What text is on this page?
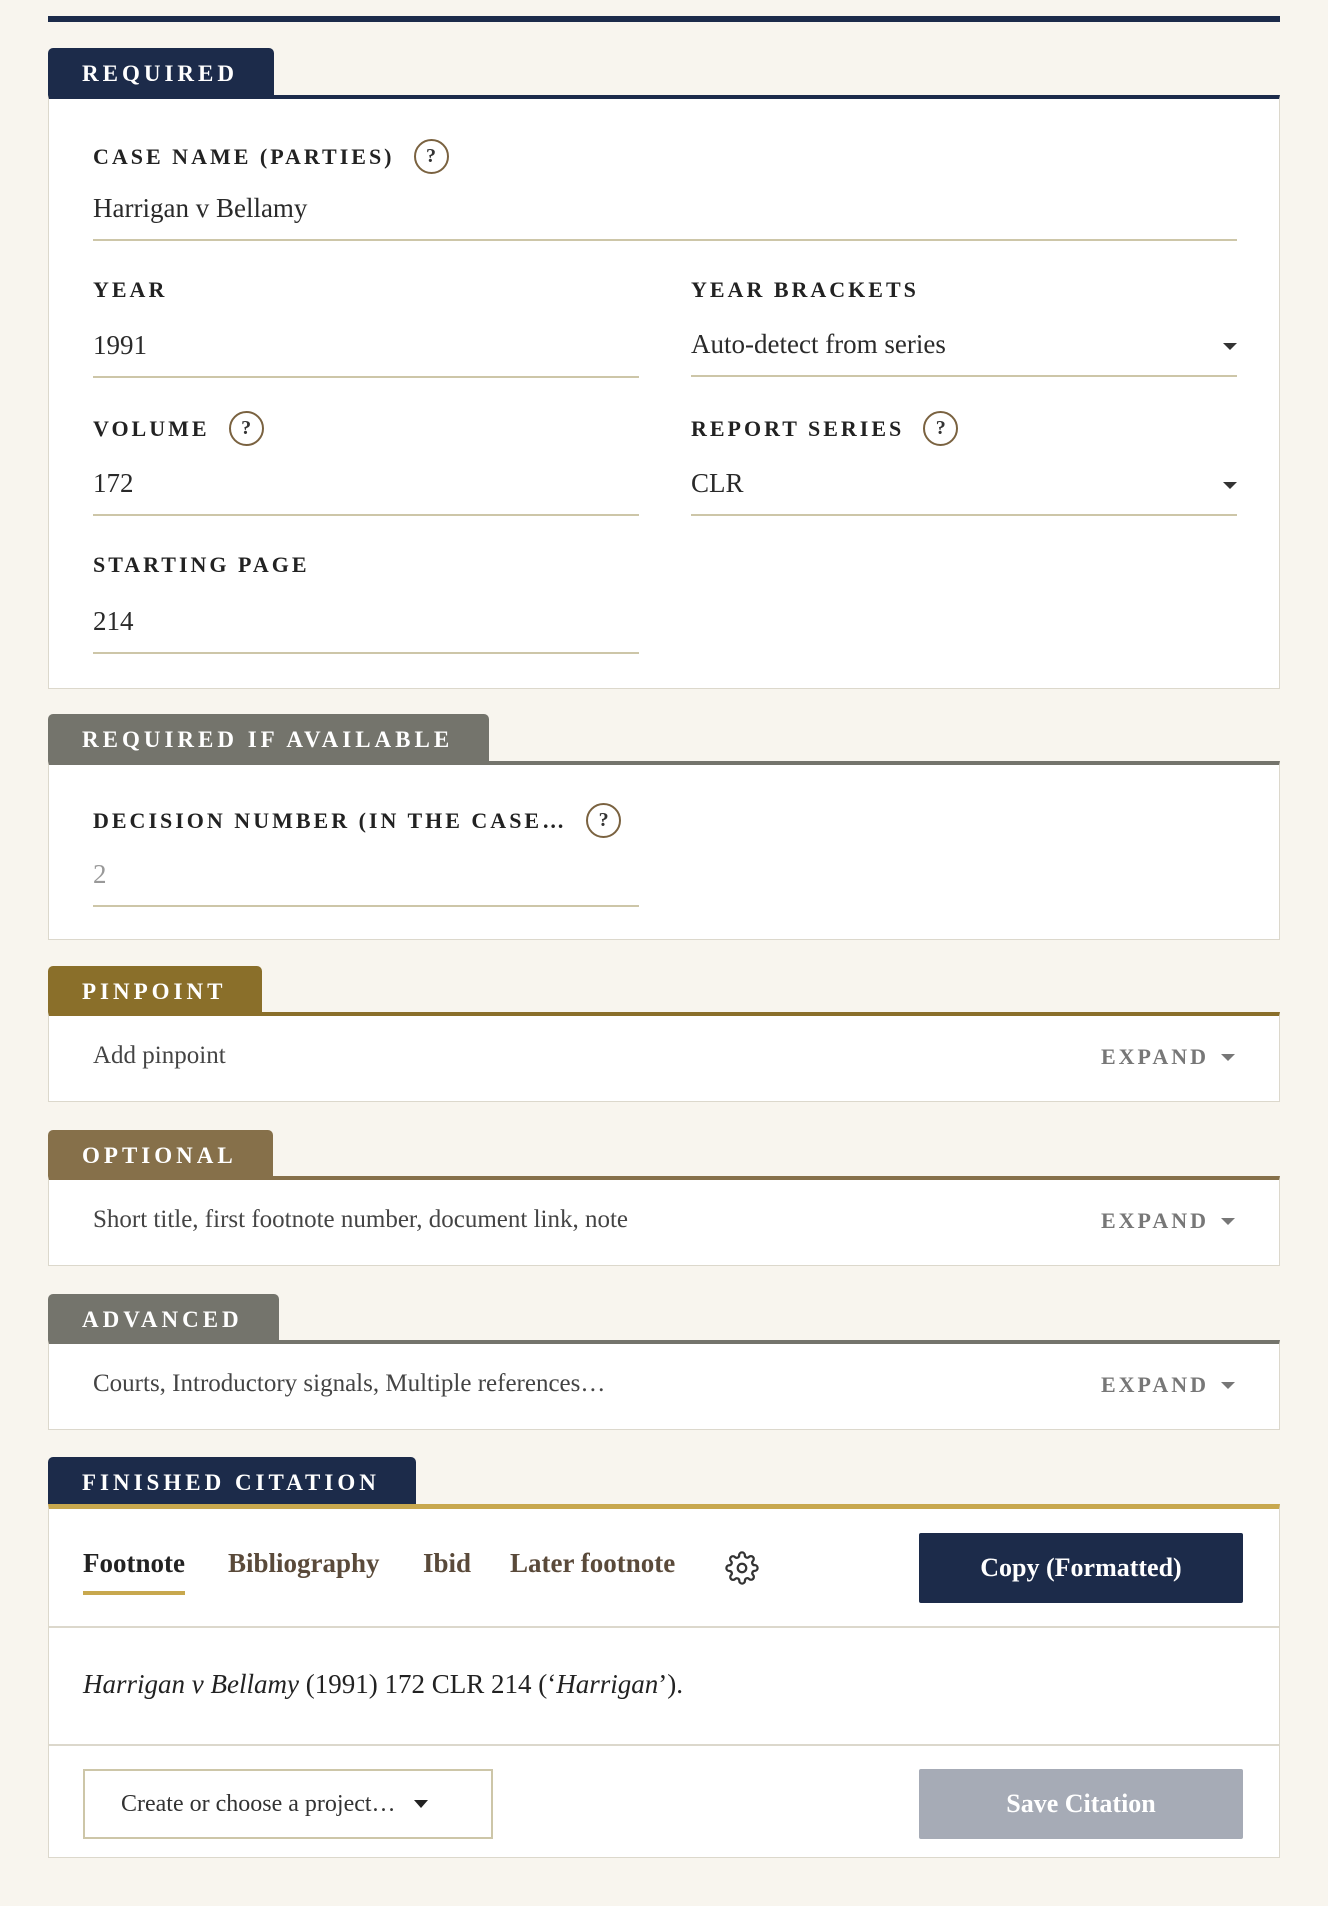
REQUIRED
CASE NAME (PARTIES)	?
Harrigan v Bellamy
YEAR
1991
YEAR BRACKETS
Auto-detect from series
VOLUME	?
172
REPORT SERIES	?
CLR
STARTING PAGE
214
REQUIRED IF AVAILABLE
DECISION NUMBER (IN THE CASE…	?
2
PINPOINT
Add pinpoint	EXPAND
OPTIONAL
Short title, first footnote number, document link, note	EXPAND
ADVANCED
Courts, Introductory signals, Multiple references…	EXPAND
FINISHED CITATION
Footnote Bibliography Ibid Later footnote	Copy (Formatted)
Harrigan v Bellamy (1991) 172 CLR 214 (‘Harrigan’).
Create or choose a project…	Save Citation
